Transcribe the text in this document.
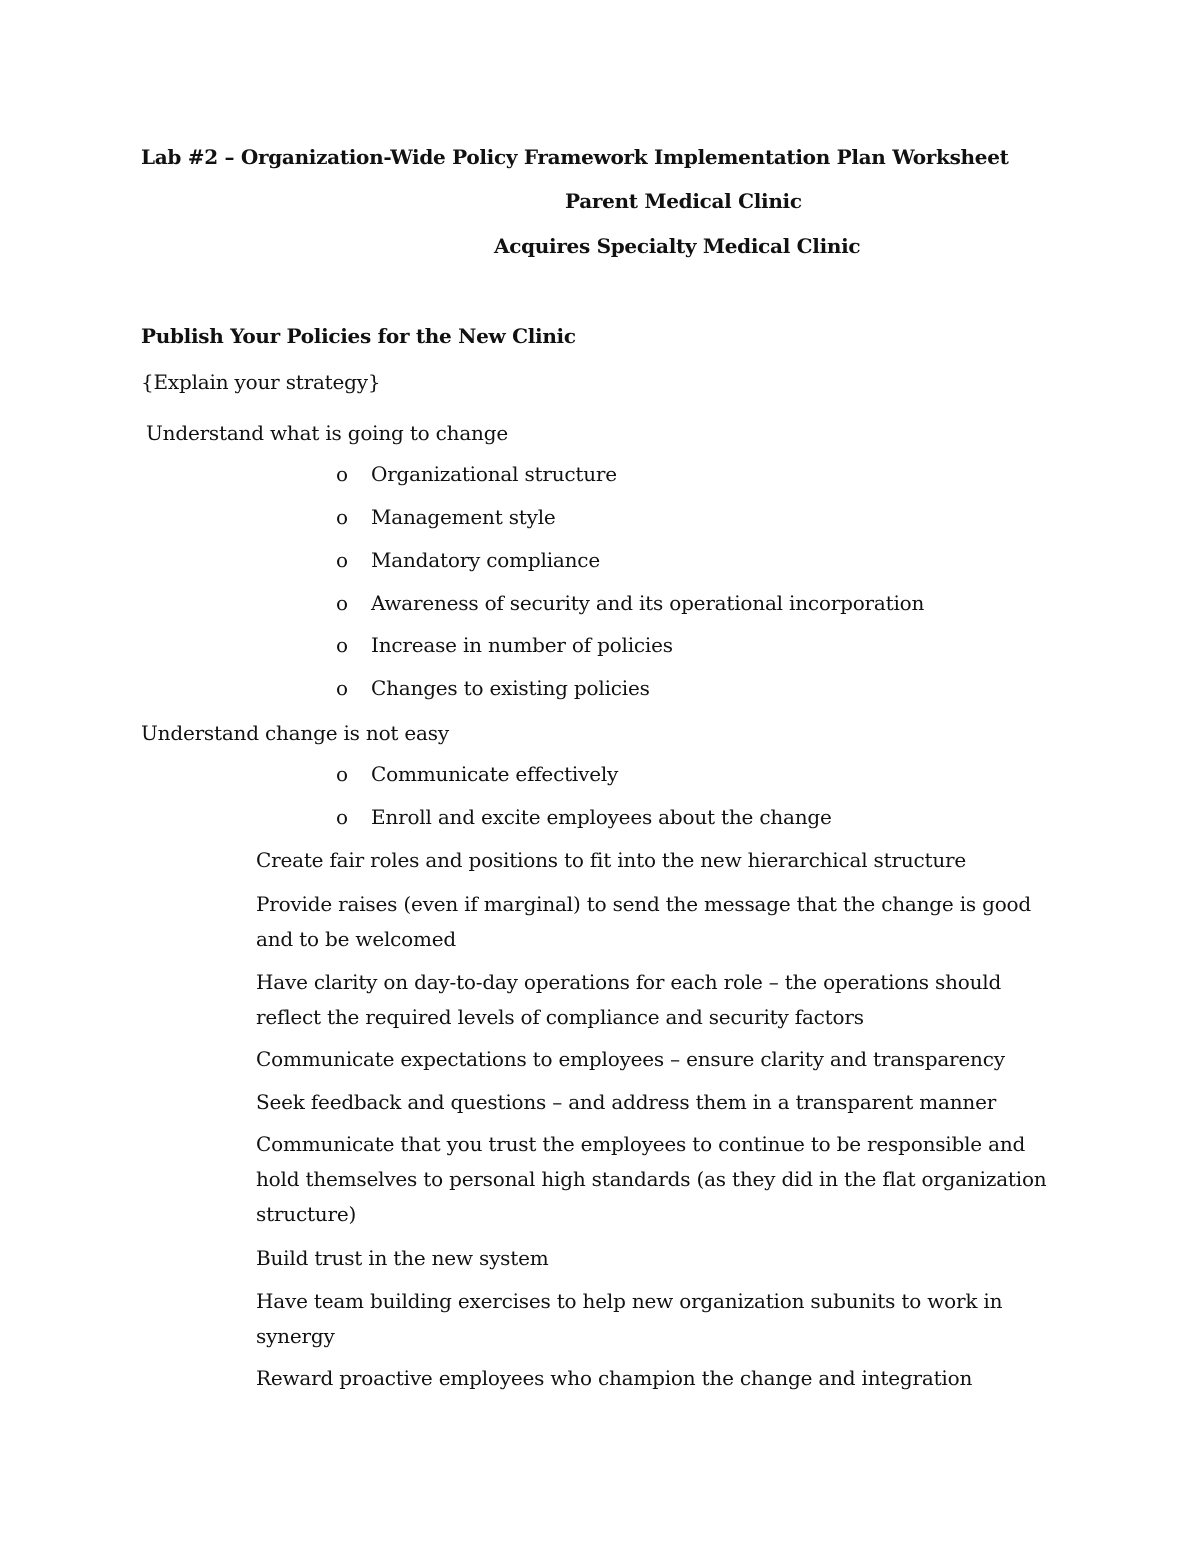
Lab #2 – Organization-Wide Policy Framework Implementation Plan Worksheet
Parent Medical Clinic
Acquires Specialty Medical Clinic
Publish Your Policies for the New Clinic
{Explain your strategy}
Understand what is going to change
o Organizational structure
o Management style
o Mandatory compliance
o Awareness of security and its operational incorporation
o Increase in number of policies
o Changes to existing policies
Understand change is not easy
o Communicate effectively
o Enroll and excite employees about the change
Create fair roles and positions to fit into the new hierarchical structure
Provide raises (even if marginal) to send the message that the change is good
and to be welcomed
Have clarity on day-to-day operations for each role – the operations should
reflect the required levels of compliance and security factors
Communicate expectations to employees – ensure clarity and transparency
Seek feedback and questions – and address them in a transparent manner
Communicate that you trust the employees to continue to be responsible and
hold themselves to personal high standards (as they did in the flat organization
structure)
Build trust in the new system
Have team building exercises to help new organization subunits to work in
synergy
Reward proactive employees who champion the change and integration
